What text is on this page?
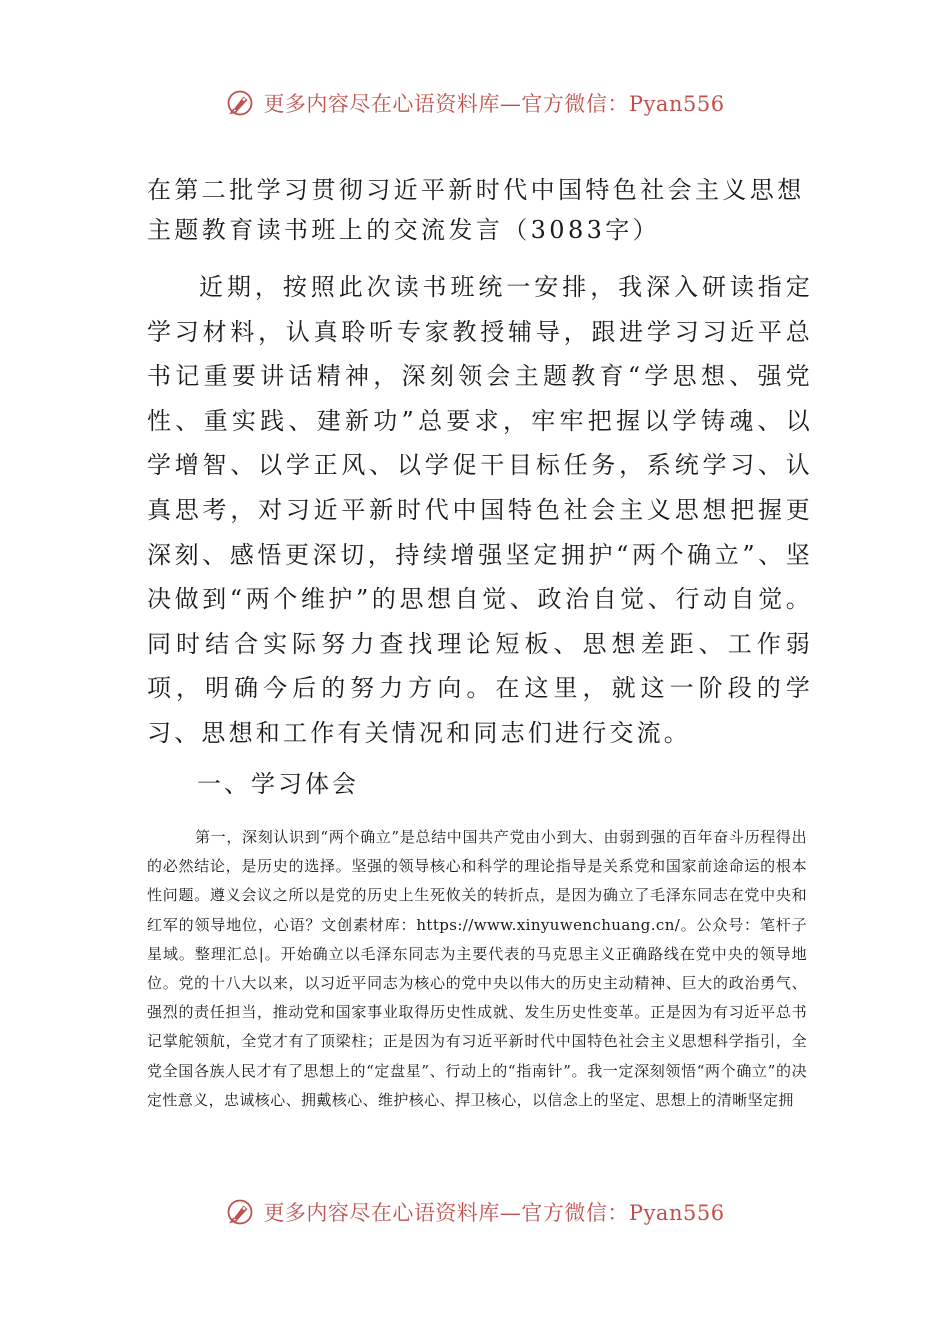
更多内容尽在心语资料库—官方微信：Pyan556
在第二批学习贯彻习近平新时代中国特色社会主义思想主题教育读书班上的交流发言（3083字）

近期，按照此次读书班统一安排，我深入研读指定学习材料，认真聆听专家教授辅导，跟进学习习近平总书记重要讲话精神，深刻领会主题教育“学思想、强党性、重实践、建新功”总要求，牢牢把握以学铸魂、以学增智、以学正风、以学促干目标任务，系统学习、认真思考，对习近平新时代中国特色社会主义思想把握更深刻、感悟更深切，持续增强坚定拥护“两个确立”、坚决做到“两个维护”的思想自觉、政治自觉、行动自觉。同时结合实际努力查找理论短板、思想差距、工作弱项，明确今后的努力方向。在这里，就这一阶段的学习、思想和工作有关情况和同志们进行交流。

一、学习体会

第一，深刻认识到“两个确立”是总结中国共产党由小到大、由弱到强的百年奋斗历程得出的必然结论，是历史的选择。坚强的领导核心和科学的理论指导是关系党和国家前途命运的根本性问题。遵义会议之所以是党的历史上生死攸关的转折点，是因为确立了毛泽东同志在党中央和红军的领导地位，心语？文创素材库：https://www.xinyuwenchuang.cn/。公众号：笔杆子星域。整理汇总|。开始确立以毛泽东同志为主要代表的马克思主义正确路线在党中央的领导地位。党的十八大以来，以习近平同志为核心的党中央以伟大的历史主动精神、巨大的政治勇气、强烈的责任担当，推动党和国家事业取得历史性成就、发生历史性变革。正是因为有习近平总书记掌舵领航，全党才有了顶梁柱；正是因为有习近平新时代中国特色社会主义思想科学指引，全党全国各族人民才有了思想上的“定盘星”、行动上的“指南针”。我一定深刻领悟“两个确立”的决定性意义，忠诚核心、拥戴核心、维护核心、捍卫核心，以信念上的坚定、思想上的清晰坚定拥

更多内容尽在心语资料库—官方微信：Pyan556
